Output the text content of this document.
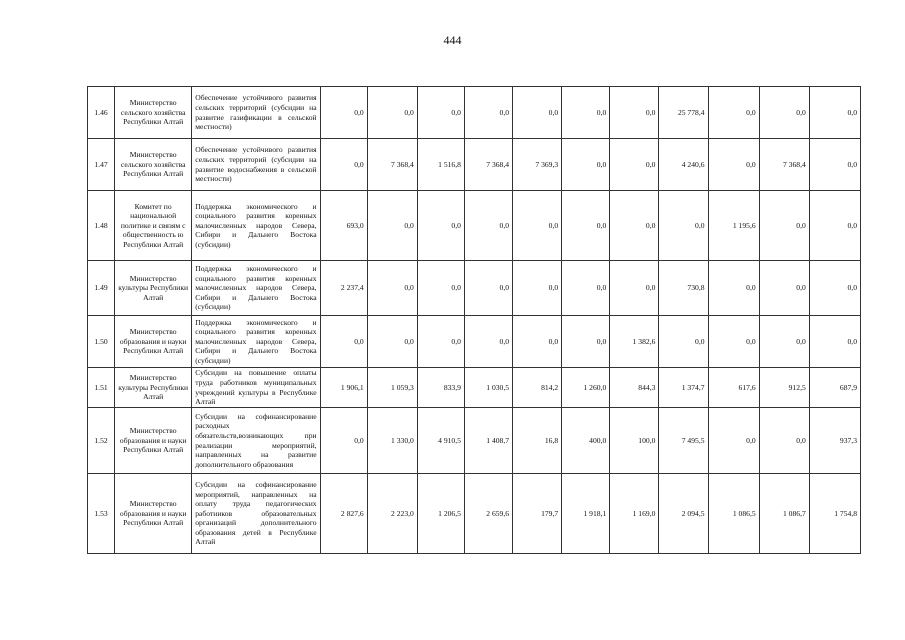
444
1.46	Министерство сельского хозяйства Республики Алтай	Обеспечение устойчивого развития сельских территорий (субсидии на развитие газификации в сельской местности)	0,0	0,0	0,0	0,0	0,0	0,0	0,0	25 778,4	0,0	0,0	0,0
1.47	Министерство сельского хозяйства Республики Алтай	Обеспечение устойчивого развития сельских территорий (субсидии на развитие водоснабжения в сельской местности)	0,0	7 368,4	1 516,8	7 368,4	7 369,3	0,0	0,0	4 240,6	0,0	7 368,4	0,0
1.48	Комитет по национальной политике и связям с общественность ю Республики Алтай	Поддержка экономического и социального развития коренных малочисленных народов Севера, Сибири и Дальнего Востока (субсидии)	693,0	0,0	0,0	0,0	0,0	0,0	0,0	0,0	1 195,6	0,0	0,0
1.49	Министерство культуры Республики Алтай	Поддержка экономического и социального развития коренных малочисленных народов Севера, Сибири и Дальнего Востока (субсидии)	2 237,4	0,0	0,0	0,0	0,0	0,0	0,0	730,8	0,0	0,0	0,0
1.50	Министерство образования и науки Республики Алтай	Поддержка экономического и социального развития коренных малочисленных народов Севера, Сибири и Дальнего Востока (субсидии)	0,0	0,0	0,0	0,0	0,0	0,0	1 382,6	0,0	0,0	0,0	0,0
1.51	Министерство культуры Республики Алтай	Субсидии на повышение оплаты труда работников муниципальных учреждений культуры в Республике Алтай	1 906,1	1 059,3	833,9	1 030,5	814,2	1 260,0	844,3	1 374,7	617,6	912,5	687,9
1.52	Министерство образования и науки Республики Алтай	Субсидии на софинансирование расходных обязательств,возникающих при реализации мероприятий, направленных на развитие дополнительного образования	0,0	1 330,0	4 910,5	1 408,7	16,8	400,0	100,0	7 495,5	0,0	0,0	937,3
1.53	Министерство образования и науки Республики Алтай	Субсидии на софинансирование мероприятий, направленных на оплату труда педагогических работников образовательных организаций дополнительного образования детей в Республике Алтай	2 827,6	2 223,0	1 206,5	2 659,6	179,7	1 918,1	1 169,0	2 094,5	1 086,5	1 086,7	1 754,8
